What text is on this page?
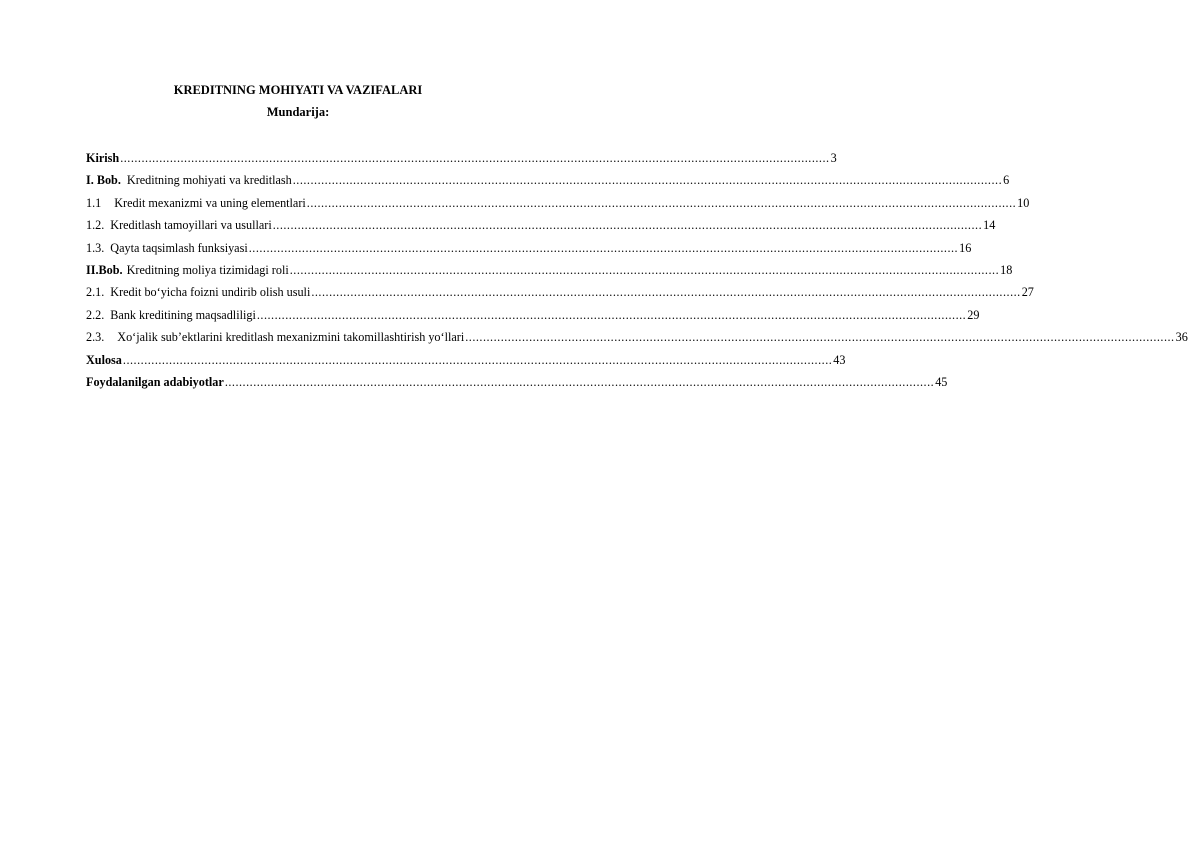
KREDITNING MOHIYATI VA VAZIFALARI
Mundarija:
Kirish ........................................................................................................................................................................................................ 3
I. Bob. Kreditning mohiyati va kreditlash ........................................................................................................................................................................................................ 6
1.1 Kredit mexanizmi va uning elementlari ........................................................................................................................................................................................................ 10
1.2. Kreditlash tamoyillari va usullari ........................................................................................................................................................................................................ 14
1.3. Qayta taqsimlash funksiyasi ........................................................................................................................................................................................................ 16
II.Bob. Kreditning moliya tizimidagi roli ........................................................................................................................................................................................................ 18
2.1. Kredit bo‘yicha foizni undirib olish usuli ........................................................................................................................................................................................................ 27
2.2. Bank kreditining maqsadliligi ........................................................................................................................................................................................................ 29
2.3. Xo‘jalik sub’ektlarini kreditlash mexanizmini takomillashtirish yo‘llari ........................................................................................................................................................................................................ 36
Xulosa ........................................................................................................................................................................................................ 43
Foydalanilgan adabiyotlar ........................................................................................................................................................................................................ 45
